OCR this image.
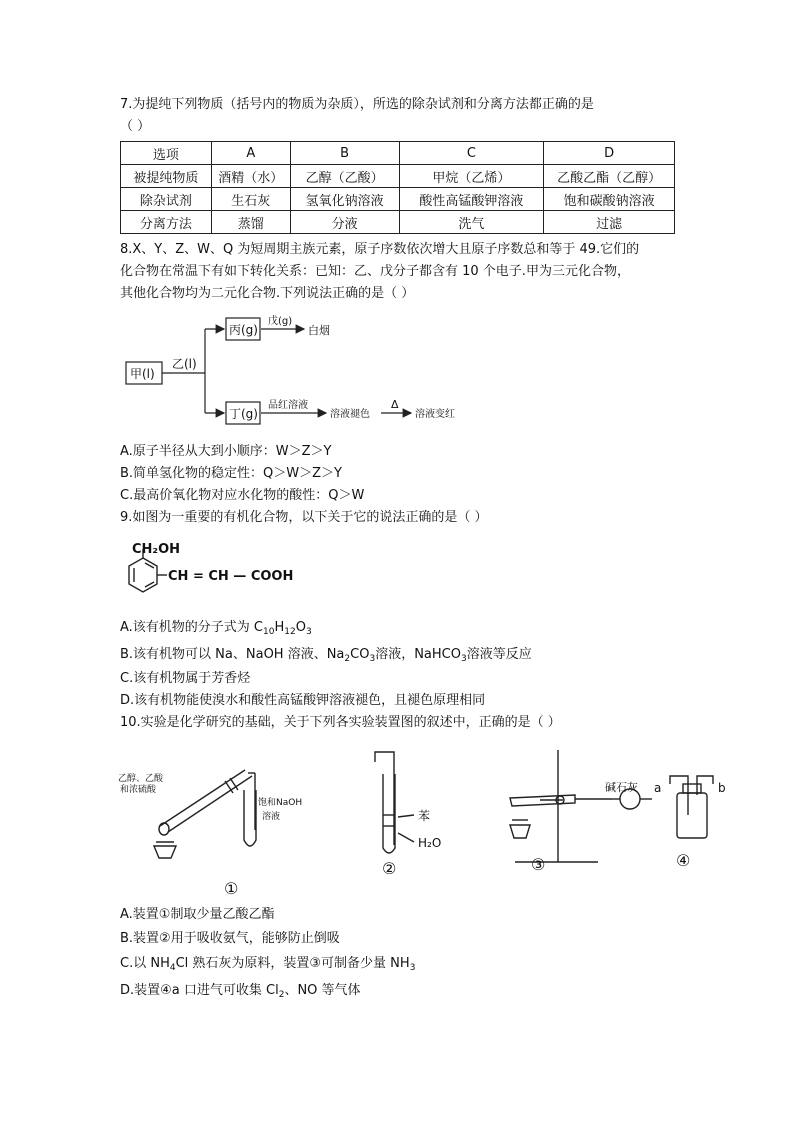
7.为提纯下列物质（括号内的物质为杂质），所选的除杂试剂和分离方法都正确的是
（ ）
选项	A	B	C	D
被提纯物质	酒精（水）	乙醇（乙酸）	甲烷（乙烯）	乙酸乙酯（乙醇）
除杂试剂	生石灰	氢氧化钠溶液	酸性高锰酸钾溶液	饱和碳酸钠溶液
分离方法	蒸馏	分液	洗气	过滤
8.X、Y、Z、W、Q 为短周期主族元素，原子序数依次增大且原子序数总和等于 49.它们的
化合物在常温下有如下转化关系：已知：乙、戊分子都含有 10 个电子.甲为三元化合物，
其他化合物均为二元化合物.下列说法正确的是（ ）
甲(l)
乙(l)
丙(g)
戊(g)
白烟
丁(g)
品红溶液
溶液褪色
Δ
溶液变红
A.原子半径从大到小顺序：W＞Z＞Y
B.简单氢化物的稳定性：Q＞W＞Z＞Y
C.最高价氧化物对应水化物的酸性：Q＞W
9.如图为一重要的有机化合物，以下关于它的说法正确的是（ ）
CH₂OH
CH = CH — COOH
A.该有机物的分子式为 $C_{10}H_{12}O_3$
B.该有机物可以 Na、NaOH 溶液、$Na_2CO_3$溶液，NaHCO$_3$溶液等反应
C.该有机物属于芳香烃
D.该有机物能使溴水和酸性高锰酸钾溶液褪色，且褪色原理相同
10.实验是化学研究的基础，关于下列各实验装置图的叙述中，正确的是（ ）
乙醇、乙酸
和浓硫酸
饱和NaOH
溶液
①
苯
H₂O
②	③
碱石灰 a	b
④
A.装置①制取少量乙酸乙酯
B.装置②用于吸收氨气，能够防止倒吸
C.以 $NH_4Cl$ 熟石灰为原料，装置③可制备少量 $NH_3$
D.装置④a 口进气可收集 $Cl_2$、NO 等气体
